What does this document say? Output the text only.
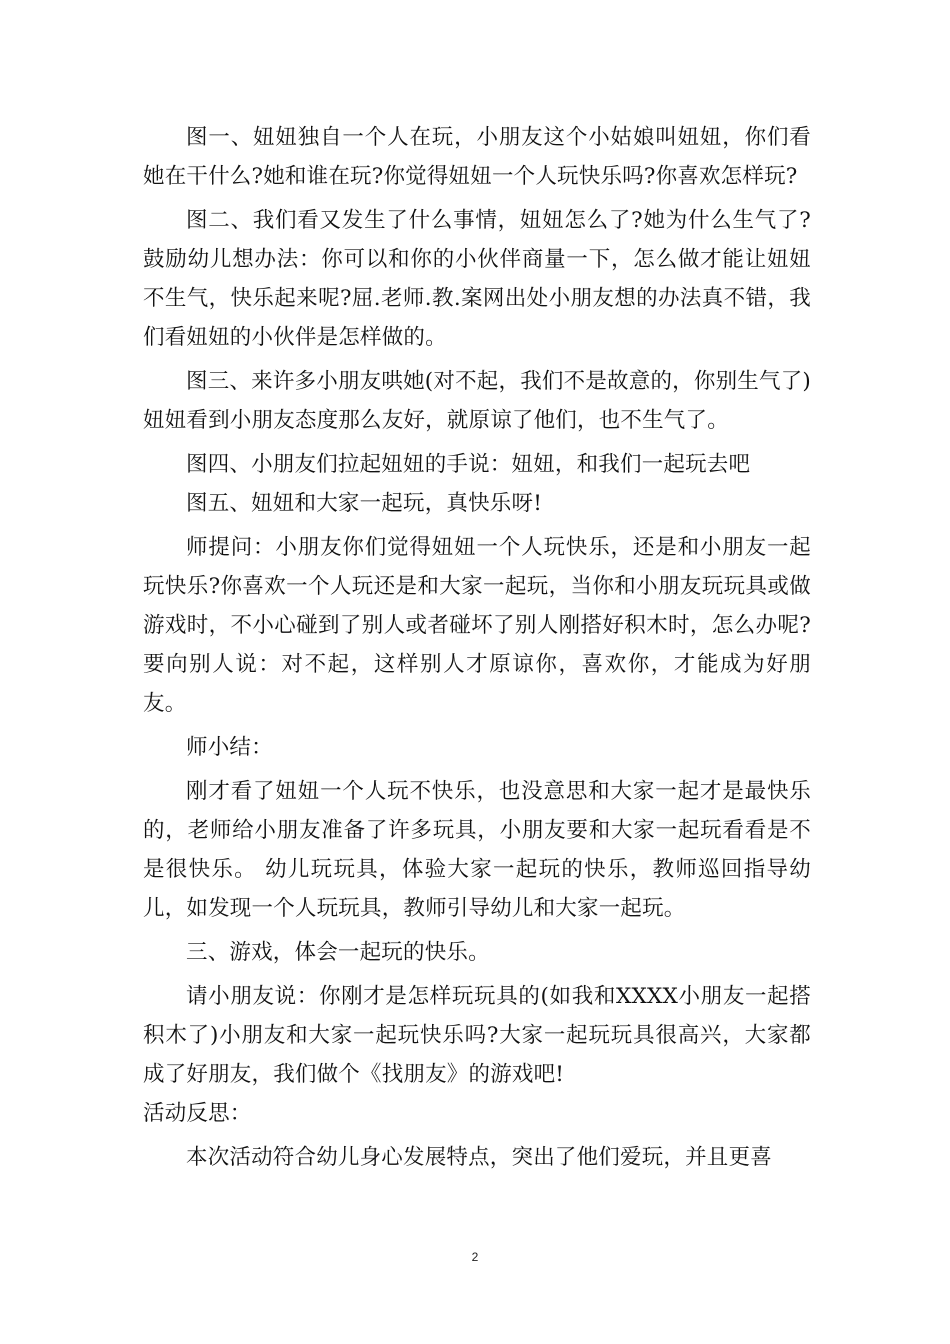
图一、妞妞独自一个人在玩，小朋友这个小姑娘叫妞妞，你们看她在干什么?她和谁在玩?你觉得妞妞一个人玩快乐吗?你喜欢怎样玩?

图二、我们看又发生了什么事情，妞妞怎么了?她为什么生气了?鼓励幼儿想办法：你可以和你的小伙伴商量一下，怎么做才能让妞妞不生气，快乐起来呢?屈.老师.教.案网出处小朋友想的办法真不错，我们看妞妞的小伙伴是怎样做的。

图三、来许多小朋友哄她(对不起，我们不是故意的，你别生气了)妞妞看到小朋友态度那么友好，就原谅了他们，也不生气了。

图四、小朋友们拉起妞妞的手说：妞妞，和我们一起玩去吧

图五、妞妞和大家一起玩，真快乐呀!

师提问：小朋友你们觉得妞妞一个人玩快乐，还是和小朋友一起玩快乐?你喜欢一个人玩还是和大家一起玩，当你和小朋友玩玩具或做游戏时，不小心碰到了别人或者碰坏了别人刚搭好积木时，怎么办呢?要向别人说：对不起，这样别人才原谅你，喜欢你，才能成为好朋友。

师小结：

刚才看了妞妞一个人玩不快乐，也没意思和大家一起才是最快乐的，老师给小朋友准备了许多玩具，小朋友要和大家一起玩看看是不是很快乐。 幼儿玩玩具，体验大家一起玩的快乐，教师巡回指导幼儿，如发现一个人玩玩具，教师引导幼儿和大家一起玩。

三、游戏，体会一起玩的快乐。

请小朋友说：你刚才是怎样玩玩具的(如我和XXXX小朋友一起搭积木了)小朋友和大家一起玩快乐吗?大家一起玩玩具很高兴，大家都成了好朋友，我们做个《找朋友》的游戏吧!

活动反思：

本次活动符合幼儿身心发展特点，突出了他们爱玩，并且更喜

2
